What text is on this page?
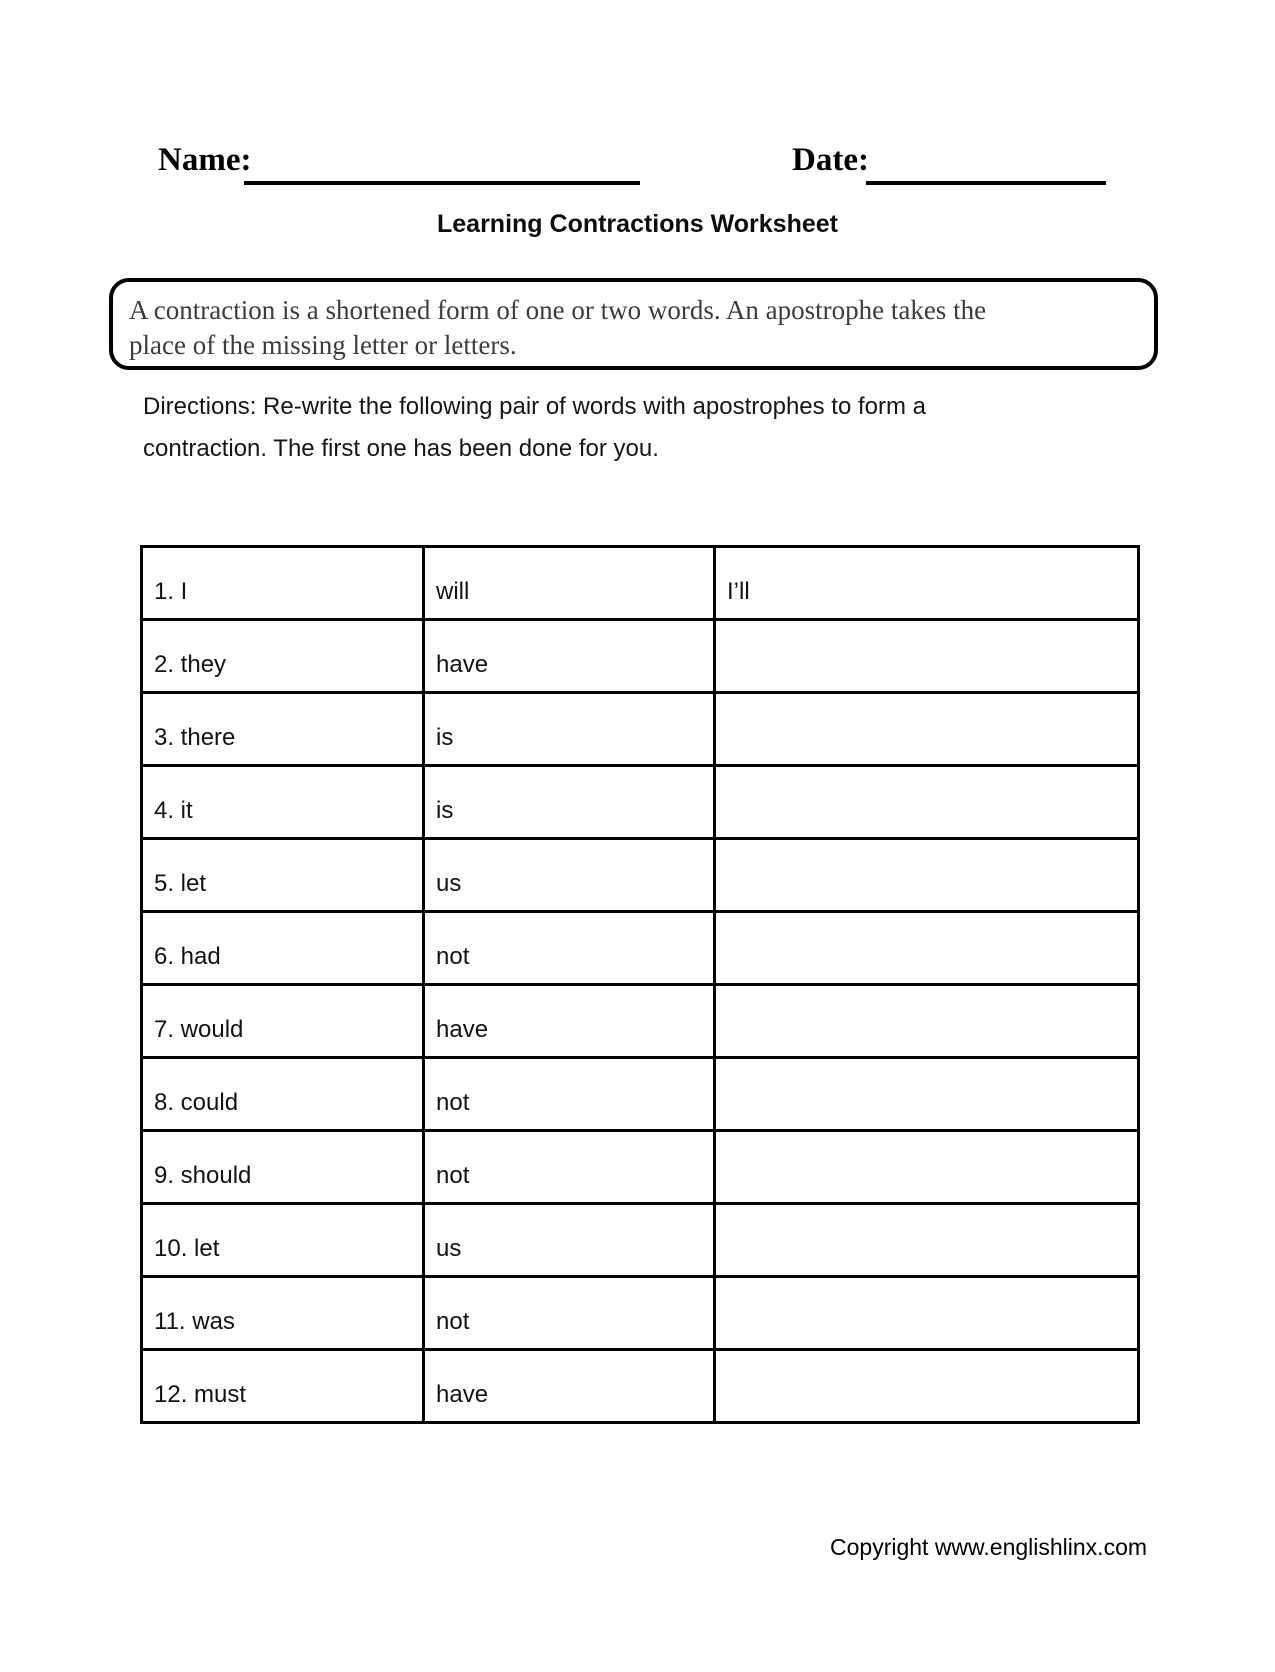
Name:	Date:
Learning Contractions Worksheet

A contraction is a shortened form of one or two words. An apostrophe takes the

place of the missing letter or letters.

Directions: Re-write the following pair of words with apostrophes to form a
contraction. The first one has been done for you.

1. I	will	I’ll
2. they	have	
3. there	is	
4. it	is	
5. let	us	
6. had	not	
7. would	have	
8. could	not	
9. should	not	
10. let	us	
11. was	not	
12. must	have	
Copyright www.englishlinx.com
